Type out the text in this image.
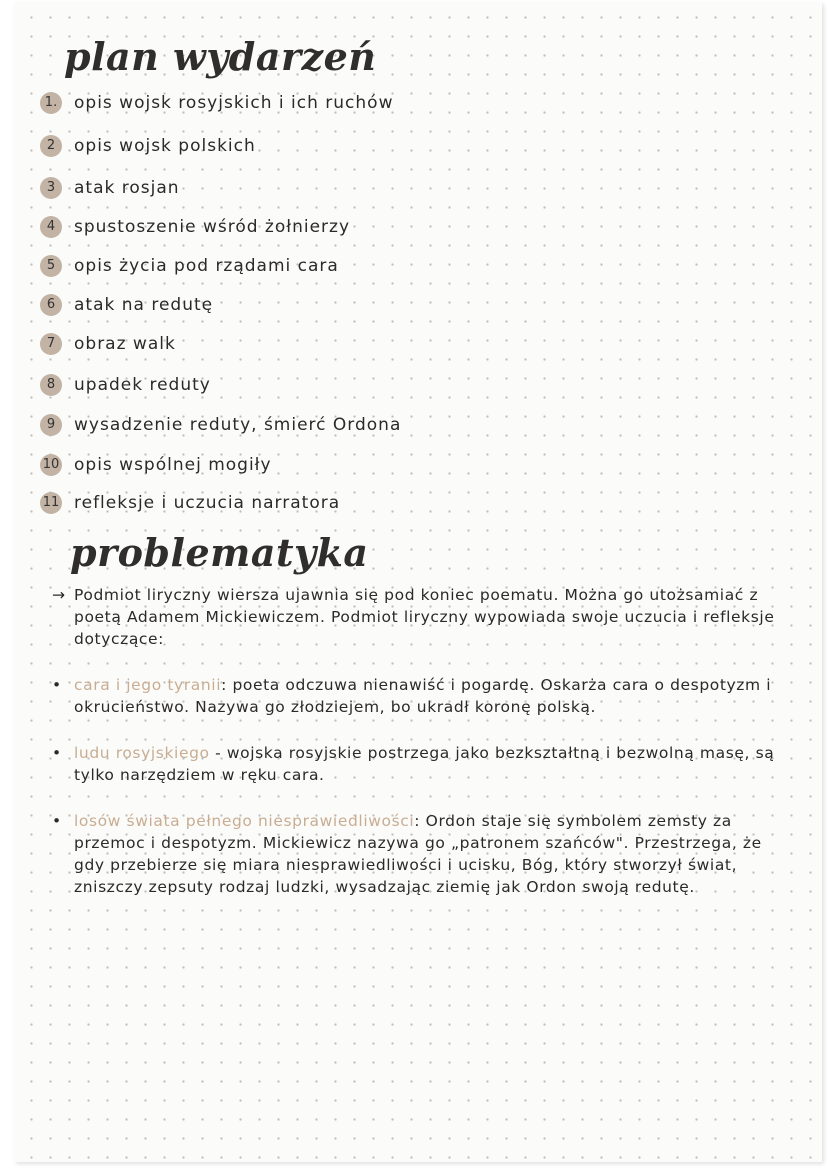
plan wydarzeń
1. opis wojsk rosyjskich i ich ruchów
2	opis wojsk polskich
3	atak rosjan
4	spustoszenie wśród żołnierzy
5	opis życia pod rządami cara
6	atak na redutę
7	obraz walk
8	upadek reduty
9	wysadzenie reduty, śmierć Ordona
10 opis wspólnej mogiły
11 refleksje i uczucia narratora
problematyka

→ Podmiot liryczny wiersza ujawnia się pod koniec poematu. Można go utożsamiać z poetą Adamem Mickiewiczem. Podmiot liryczny wypowiada swoje uczucia i refleksje dotyczące:

• cara i jego tyranii: poeta odczuwa nienawiść i pogardę. Oskarża cara o despotyzm i okrucieństwo. Nazywa go złodziejem, bo ukradł koronę polską.

• ludu rosyjskiego - wojska rosyjskie postrzega jako bezkształtną i bezwolną masę, są tylko narzędziem w ręku cara.

• losów świata pełnego niesprawiedliwości: Ordon staje się symbolem zemsty za przemoc i despotyzm. Mickiewicz nazywa go „patronem szańców". Przestrzega, że gdy przebierze się miara niesprawiedliwości i ucisku, Bóg, który stworzył świat, zniszczy zepsuty rodzaj ludzki, wysadzając ziemię jak Ordon swoją redutę.
